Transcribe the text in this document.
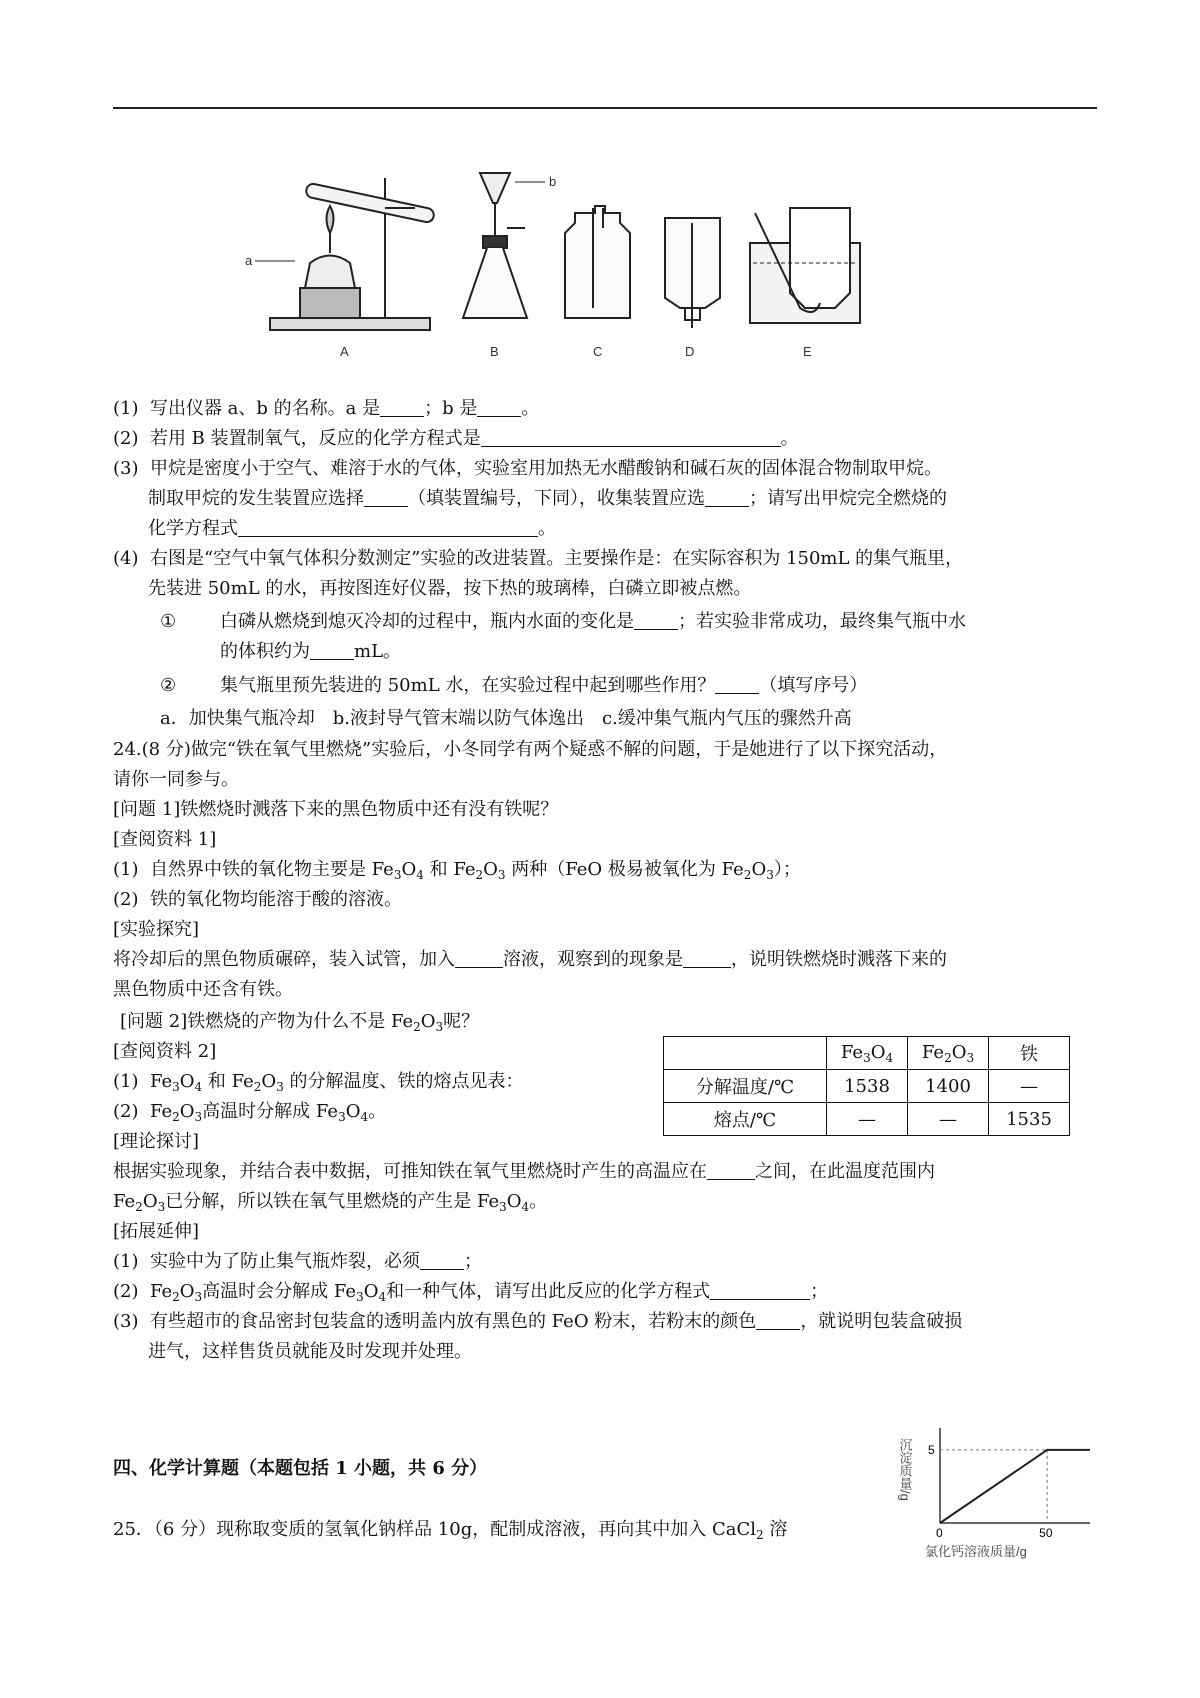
a
A
b
B	C	D	E
(1) 写出仪器 a、b 的名称。a 是 ；b 是 。
(2) 若用 B 装置制氧气，反应的化学方程式是	。
(3) 甲烷是密度小于空气、难溶于水的气体，实验室用加热无水醋酸钠和碱石灰的固体混合物制取甲烷。
制取甲烷的发生装置应选择 （填装置编号，下同），收集装置应选 ；请写出甲烷完全燃烧的
化学方程式	。
(4) 右图是“空气中氧气体积分数测定”实验的改进装置。主要操作是：在实际容积为 150mL 的集气瓶里，
先装进 50mL 的水，再按图连好仪器，按下热的玻璃棒，白磷立即被点燃。
① 白磷从燃烧到熄灭冷却的过程中，瓶内水面的变化是 ；若实验非常成功，最终集气瓶中水
的体积约为 mL。
② 集气瓶里预先装进的 50mL 水，在实验过程中起到哪些作用？ （填写序号）
a．加快集气瓶冷却　b.液封导气管末端以防气体逸出　c.缓冲集气瓶内气压的骤然升高
24.(8 分)做完“铁在氧气里燃烧”实验后，小冬同学有两个疑惑不解的问题，于是她进行了以下探究活动，
请你一同参与。
[问题 1]铁燃烧时溅落下来的黑色物质中还有没有铁呢？
[查阅资料 1]
(1) 自然界中铁的氧化物主要是 $Fe_3O_4$ 和 $Fe_2O_3$ 两种（FeO 极易被氧化为 $Fe_2O_3$）；
(2) 铁的氧化物均能溶于酸的溶液。
[实验探究]
将冷却后的黑色物质碾碎，装入试管，加入	溶液，观察到的现象是	，说明铁燃烧时溅落下来的
黑色物质中还含有铁。
[问题 2]铁燃烧的产物为什么不是 $Fe_2O_3$呢？
[查阅资料 2]
(1) $Fe_3O_4$ 和 $Fe_2O_3$ 的分解温度、铁的熔点见表：
(2) $Fe_2O_3$高温时分解成 $Fe_3O_4$。
	$Fe_3O_4$	$Fe_2O_3$	铁
分解温度/℃	1538	1400	—
熔点/℃	—	—	1535
[理论探讨]
根据实验现象，并结合表中数据，可推知铁在氧气里燃烧时产生的高温应在	之间，在此温度范围内
$Fe_2O_3$已分解，所以铁在氧气里燃烧的产生是 $Fe_3O_4$。
[拓展延伸]
(1) 实验中为了防止集气瓶炸裂，必须 ；
(2) $Fe_2O_3$高温时会分解成 $Fe_3O_4$和一种气体，请写出此反应的化学方程式	；
(3) 有些超市的食品密封包装盒的透明盖内放有黑色的 FeO 粉末，若粉末的颜色 ，就说明包装盒破损
进气，这样售货员就能及时发现并处理。
四、化学计算题（本题包括 1 小题，共 6 分）
25．（6 分）现称取变质的氢氧化钠样品 10g，配制成溶液，再向其中加入 CaCl$_2$ 溶
沉淀质量/g
氯化钙溶液质量/g
0	50
5
